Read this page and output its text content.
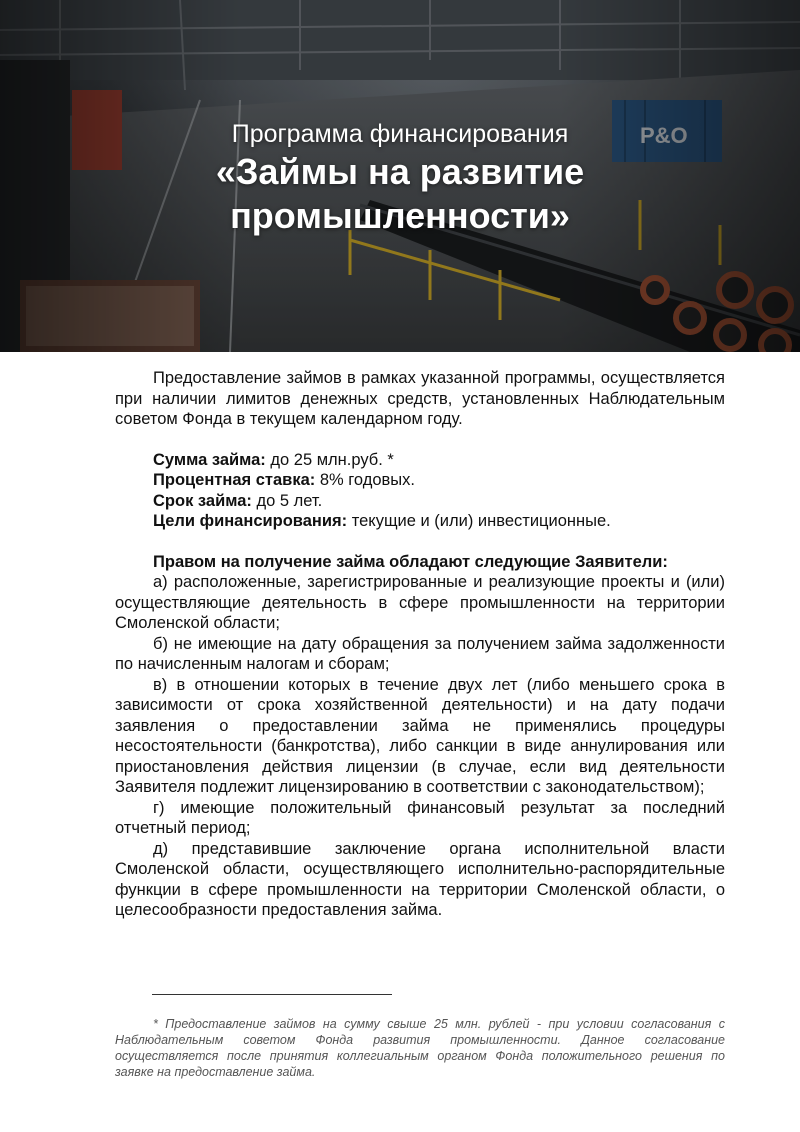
Программа финансирования
«Займы на развитие
промышленности»

Предоставление займов в рамках указанной программы, осуществляется при наличии лимитов денежных средств, установленных Наблюдательным советом Фонда в текущем календарном году.

Сумма займа: до 25 млн.руб. *

Процентная ставка: 8% годовых.

Срок займа: до 5 лет.

Цели финансирования: текущие и (или) инвестиционные.

Правом на получение займа обладают следующие Заявители:

а) расположенные, зарегистрированные и реализующие проекты и (или) осуществляющие деятельность в сфере промышленности на территории Смоленской области;

б) не имеющие на дату обращения за получением займа задолженности по начисленным налогам и сборам;

в) в отношении которых в течение двух лет (либо меньшего срока в зависимости от срока хозяйственной деятельности) и на дату подачи заявления о предоставлении займа не применялись процедуры несостоятельности (банкротства), либо санкции в виде аннулирования или приостановления действия лицензии (в случае, если вид деятельности Заявителя подлежит лицензированию в соответствии с законодательством);

г) имеющие положительный финансовый результат за последний отчетный период;

д) представившие заключение органа исполнительной власти Смоленской области, осуществляющего исполнительно-распорядительные функции в сфере промышленности на территории Смоленской области, о целесообразности предоставления займа.

* Предоставление займов на сумму свыше 25 млн. рублей - при условии согласования с Наблюдательным советом Фонда развития промышленности. Данное согласование осуществляется после принятия коллегиальным органом Фонда положительного решения по заявке на предоставление займа.
